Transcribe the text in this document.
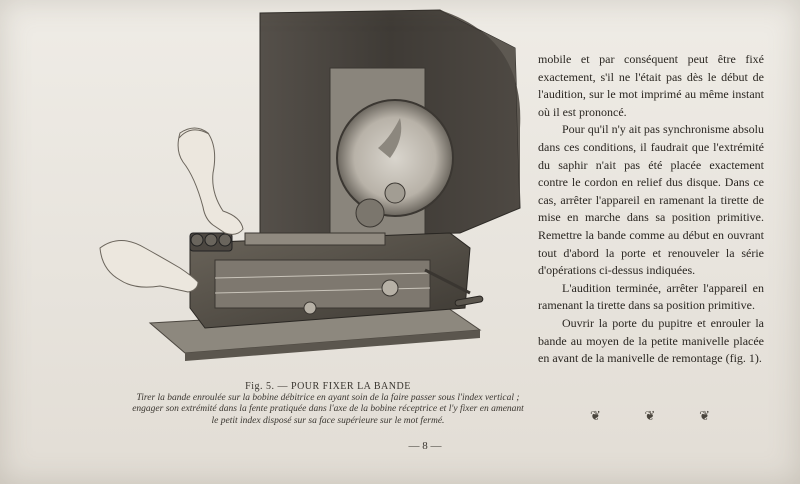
Fig. 5. — POUR FIXER LA BANDE
Tirer la bande enroulée sur la bobine débitrice en ayant soin de la faire passer sous l'index vertical ; engager son extrémité dans la fente pratiquée dans l'axe de la bobine réceptrice et l'y fixer en amenant le petit index disposé sur sa face supérieure sur le mot fermé.
— 8 —

mobile et par conséquent peut être fixé exactement, s'il ne l'était pas dès le début de l'audition, sur le mot imprimé au même instant où il est prononcé.

Pour qu'il n'y ait pas synchronisme absolu dans ces conditions, il faudrait que l'extrémité du saphir n'ait pas été placée exactement contre le cordon en relief dus disque. Dans ce cas, arrêter l'appareil en ramenant la tirette de mise en marche dans sa position primitive. Remettre la bande comme au début en ouvrant tout d'abord la porte et renouveler la série d'opérations ci-dessus indiquées.

L'audition terminée, arrêter l'appareil en ramenant la tirette dans sa position primitive.

Ouvrir la porte du pupitre et enrouler la bande au moyen de la petite manivelle placée en avant de la manivelle de remontage (fig. 1).

❦	❦	❦
